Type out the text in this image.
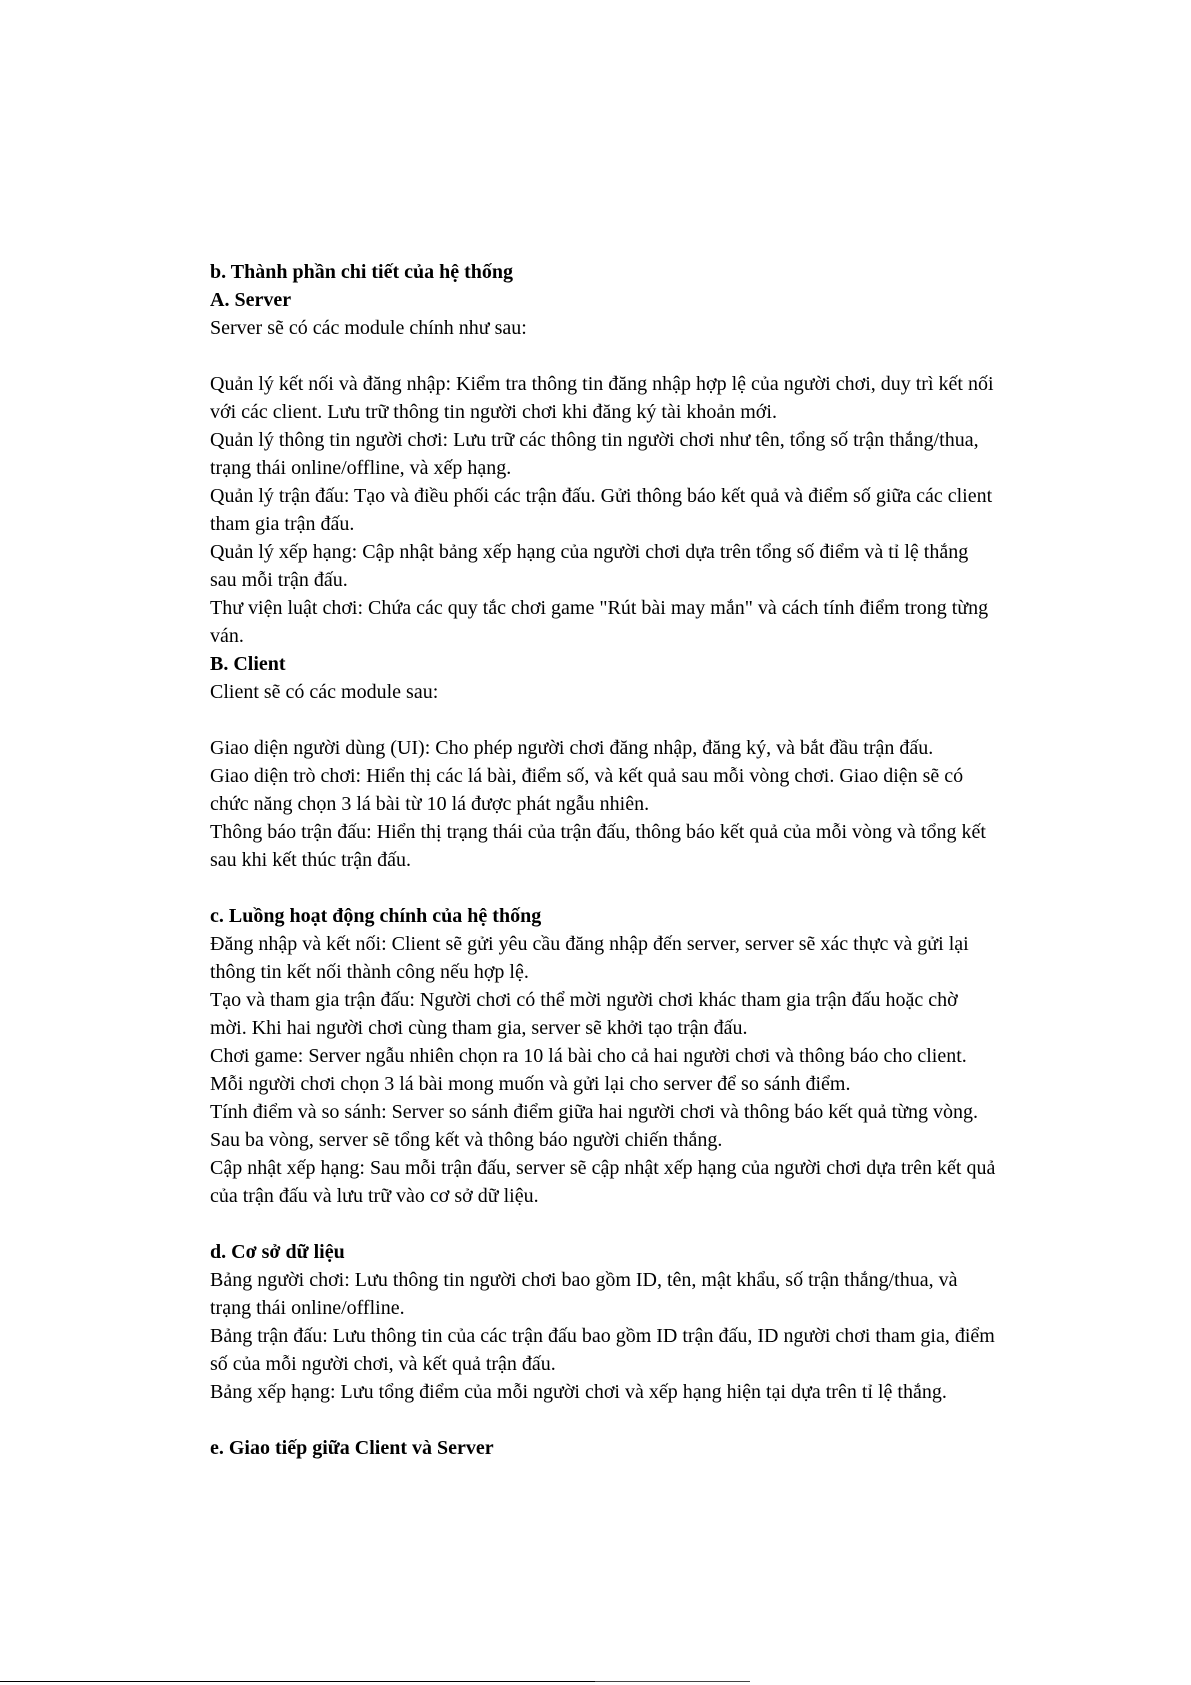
b. Thành phần chi tiết của hệ thống
A. Server
Server sẽ có các module chính như sau:
Quản lý kết nối và đăng nhập: Kiểm tra thông tin đăng nhập hợp lệ của người chơi, duy trì kết nối
với các client. Lưu trữ thông tin người chơi khi đăng ký tài khoản mới.
Quản lý thông tin người chơi: Lưu trữ các thông tin người chơi như tên, tổng số trận thắng/thua,
trạng thái online/offline, và xếp hạng.
Quản lý trận đấu: Tạo và điều phối các trận đấu. Gửi thông báo kết quả và điểm số giữa các client
tham gia trận đấu.
Quản lý xếp hạng: Cập nhật bảng xếp hạng của người chơi dựa trên tổng số điểm và tỉ lệ thắng
sau mỗi trận đấu.
Thư viện luật chơi: Chứa các quy tắc chơi game "Rút bài may mắn" và cách tính điểm trong từng
ván.
B. Client
Client sẽ có các module sau:
Giao diện người dùng (UI): Cho phép người chơi đăng nhập, đăng ký, và bắt đầu trận đấu.
Giao diện trò chơi: Hiển thị các lá bài, điểm số, và kết quả sau mỗi vòng chơi. Giao diện sẽ có
chức năng chọn 3 lá bài từ 10 lá được phát ngẫu nhiên.
Thông báo trận đấu: Hiển thị trạng thái của trận đấu, thông báo kết quả của mỗi vòng và tổng kết
sau khi kết thúc trận đấu.
c. Luồng hoạt động chính của hệ thống
Đăng nhập và kết nối: Client sẽ gửi yêu cầu đăng nhập đến server, server sẽ xác thực và gửi lại
thông tin kết nối thành công nếu hợp lệ.
Tạo và tham gia trận đấu: Người chơi có thể mời người chơi khác tham gia trận đấu hoặc chờ
mời. Khi hai người chơi cùng tham gia, server sẽ khởi tạo trận đấu.
Chơi game: Server ngẫu nhiên chọn ra 10 lá bài cho cả hai người chơi và thông báo cho client.
Mỗi người chơi chọn 3 lá bài mong muốn và gửi lại cho server để so sánh điểm.
Tính điểm và so sánh: Server so sánh điểm giữa hai người chơi và thông báo kết quả từng vòng.
Sau ba vòng, server sẽ tổng kết và thông báo người chiến thắng.
Cập nhật xếp hạng: Sau mỗi trận đấu, server sẽ cập nhật xếp hạng của người chơi dựa trên kết quả
của trận đấu và lưu trữ vào cơ sở dữ liệu.
d. Cơ sở dữ liệu
Bảng người chơi: Lưu thông tin người chơi bao gồm ID, tên, mật khẩu, số trận thắng/thua, và
trạng thái online/offline.
Bảng trận đấu: Lưu thông tin của các trận đấu bao gồm ID trận đấu, ID người chơi tham gia, điểm
số của mỗi người chơi, và kết quả trận đấu.
Bảng xếp hạng: Lưu tổng điểm của mỗi người chơi và xếp hạng hiện tại dựa trên tỉ lệ thắng.
e. Giao tiếp giữa Client và Server
